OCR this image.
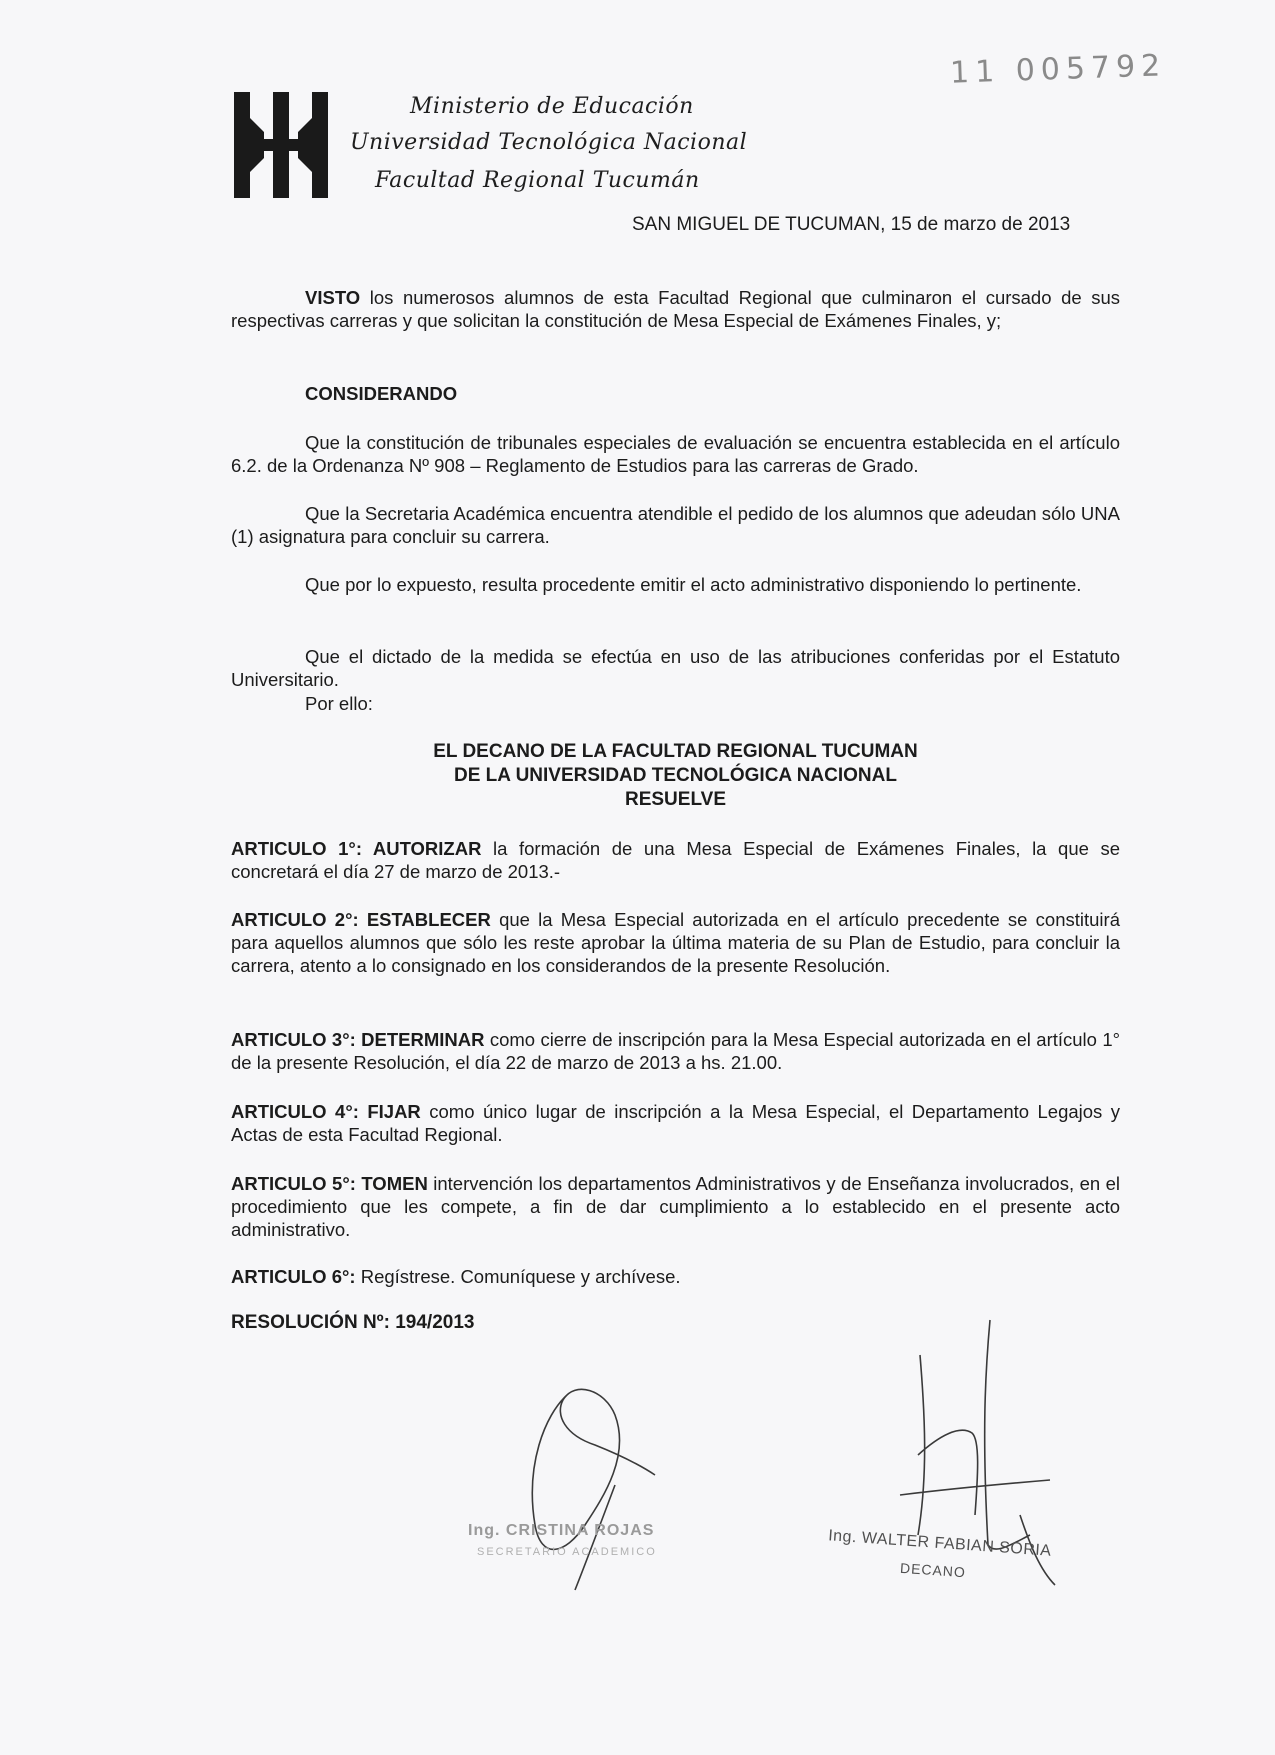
11 005792
Ministerio de Educación
Universidad Tecnológica Nacional
Facultad Regional Tucumán
SAN MIGUEL DE TUCUMAN, 15 de marzo de 2013
VISTO los numerosos alumnos de esta Facultad Regional que culminaron el cursado de sus respectivas carreras y que solicitan la constitución de Mesa Especial de Exámenes Finales, y;
CONSIDERANDO
Que la constitución de tribunales especiales de evaluación se encuentra establecida en el artículo 6.2. de la Ordenanza Nº 908 – Reglamento de Estudios para las carreras de Grado.
Que la Secretaria Académica encuentra atendible el pedido de los alumnos que adeudan sólo UNA (1) asignatura para concluir su carrera.
Que por lo expuesto, resulta procedente emitir el acto administrativo disponiendo lo pertinente.
Que el dictado de la medida se efectúa en uso de las atribuciones conferidas por el Estatuto Universitario.
Por ello:
EL DECANO DE LA FACULTAD REGIONAL TUCUMAN
DE LA UNIVERSIDAD TECNOLÓGICA NACIONAL
RESUELVE
ARTICULO 1°: AUTORIZAR la formación de una Mesa Especial de Exámenes Finales, la que se concretará el día 27 de marzo de 2013.-
ARTICULO 2°: ESTABLECER que la Mesa Especial autorizada en el artículo precedente se constituirá para aquellos alumnos que sólo les reste aprobar la última materia de su Plan de Estudio, para concluir la carrera, atento a lo consignado en los considerandos de la presente Resolución.
ARTICULO 3°: DETERMINAR como cierre de inscripción para la Mesa Especial autorizada en el artículo 1° de la presente Resolución, el día 22 de marzo de 2013 a hs. 21.00.
ARTICULO 4°: FIJAR como único lugar de inscripción a la Mesa Especial, el Departamento Legajos y Actas de esta Facultad Regional.
ARTICULO 5°: TOMEN intervención los departamentos Administrativos y de Enseñanza involucrados, en el procedimiento que les compete, a fin de dar cumplimiento a lo establecido en el presente acto administrativo.
ARTICULO 6°: Regístrese. Comuníquese y archívese.
RESOLUCIÓN Nº: 194/2013
Ing. CRISTINA ROJAS
SECRETARIO ACADEMICO	Ing. WALTER FABIAN SORIA
DECANO
